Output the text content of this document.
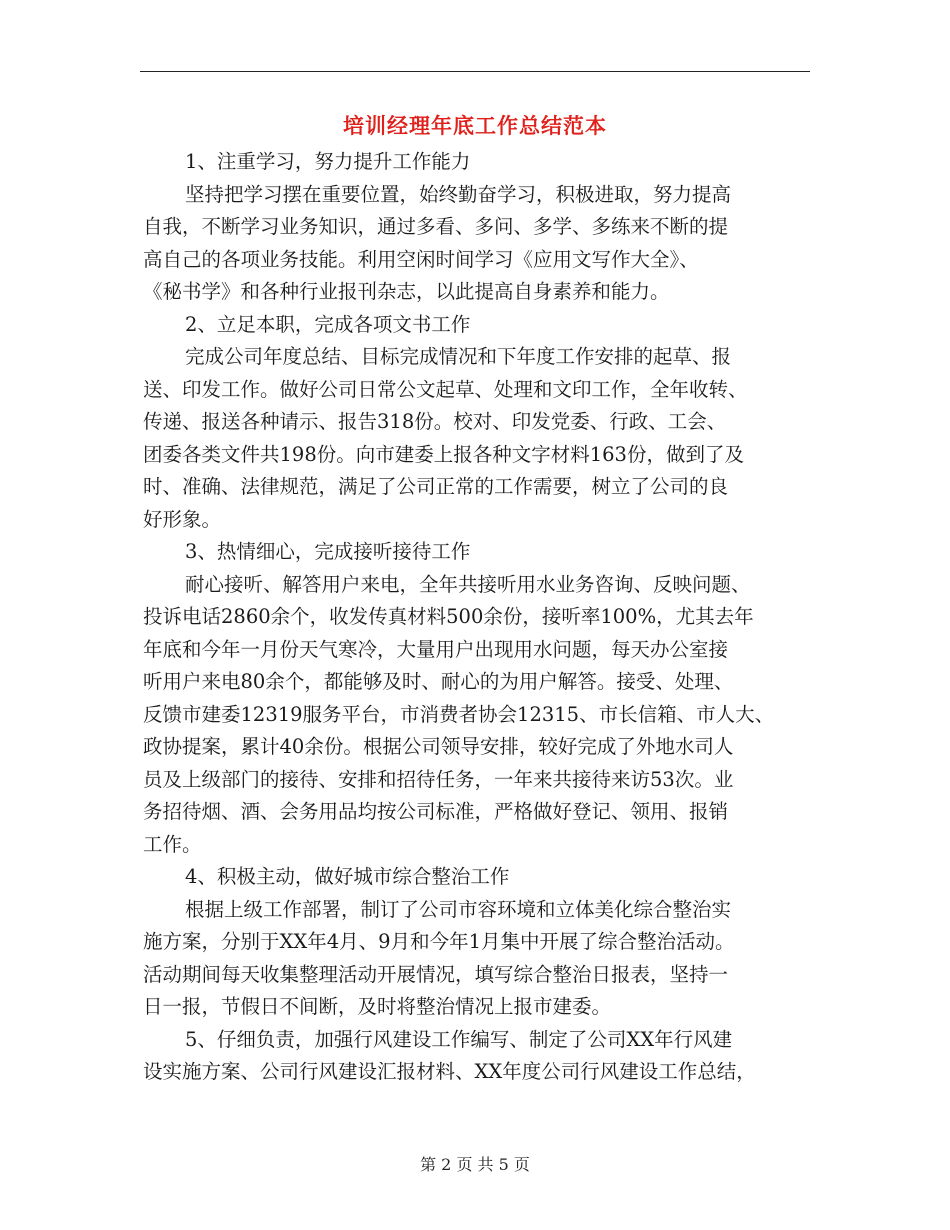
培训经理年底工作总结范本
1、注重学习，努力提升工作能力
坚持把学习摆在重要位置，始终勤奋学习，积极进取，努力提高
自我，不断学习业务知识，通过多看、多问、多学、多练来不断的提
高自己的各项业务技能。利用空闲时间学习《应用文写作大全》、
《秘书学》和各种行业报刊杂志，以此提高自身素养和能力。
2、立足本职，完成各项文书工作
完成公司年度总结、目标完成情况和下年度工作安排的起草、报
送、印发工作。做好公司日常公文起草、处理和文印工作，全年收转、
传递、报送各种请示、报告318份。校对、印发党委、行政、工会、
团委各类文件共198份。向市建委上报各种文字材料163份，做到了及
时、准确、法律规范，满足了公司正常的工作需要，树立了公司的良
好形象。
3、热情细心，完成接听接待工作
耐心接听、解答用户来电，全年共接听用水业务咨询、反映问题、
投诉电话2860余个，收发传真材料500余份，接听率100%，尤其去年
年底和今年一月份天气寒冷，大量用户出现用水问题，每天办公室接
听用户来电80余个，都能够及时、耐心的为用户解答。接受、处理、
反馈市建委12319服务平台，市消费者协会12315、市长信箱、市人大、
政协提案，累计40余份。根据公司领导安排，较好完成了外地水司人
员及上级部门的接待、安排和招待任务，一年来共接待来访53次。业
务招待烟、酒、会务用品均按公司标准，严格做好登记、领用、报销
工作。
4、积极主动，做好城市综合整治工作
根据上级工作部署，制订了公司市容环境和立体美化综合整治实
施方案，分别于XX年4月、9月和今年1月集中开展了综合整治活动。
活动期间每天收集整理活动开展情况，填写综合整治日报表，坚持一
日一报，节假日不间断，及时将整治情况上报市建委。
5、仔细负责，加强行风建设工作编写、制定了公司XX年行风建
设实施方案、公司行风建设汇报材料、XX年度公司行风建设工作总结，
第 2 页 共 5 页
